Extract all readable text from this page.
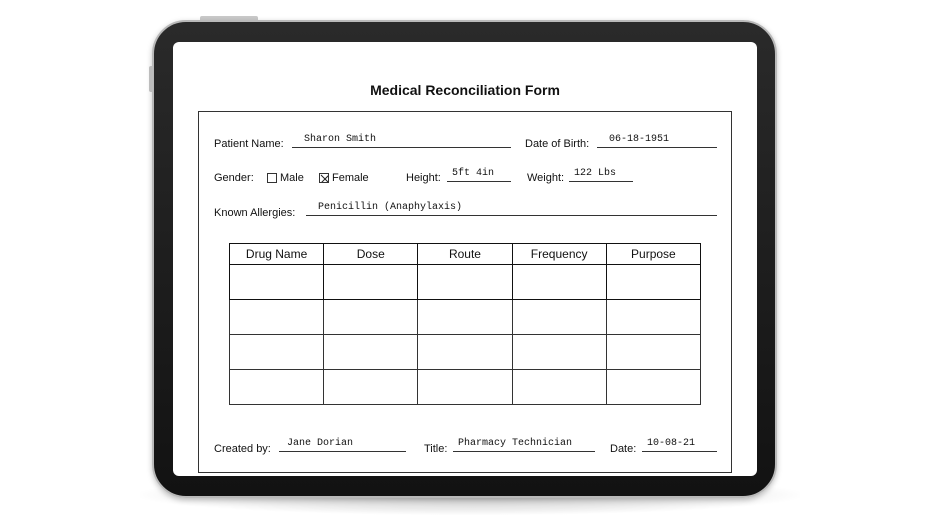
Medical Reconciliation Form
Patient Name:	Sharon Smith	Date of Birth:	06-18-1951
Gender: Male	Female	Height:	5ft 4in	Weight: 122 Lbs
Known Allergies:	Penicillin (Anaphylaxis)
Created by:	Jane Dorian	Title:	Pharmacy Technician	Date:	10-08-21
Drug Name	Dose	Route	Frequency	Purpose
